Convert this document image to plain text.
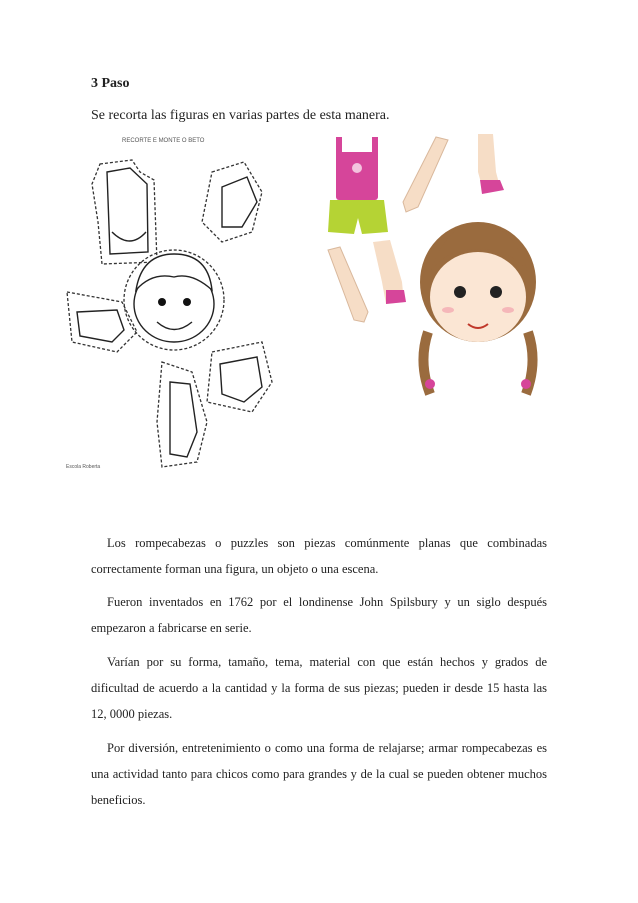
3 Paso
Se recorta las figuras en varias partes de esta manera.
RECORTE E MONTE O BETO
Escola Roberta

Los rompecabezas o puzzles son piezas comúnmente planas que combinadas correctamente forman una figura, un objeto o una escena.

Fueron inventados en 1762 por el londinense John Spilsbury y un siglo después empezaron a fabricarse en serie.

Varían por su forma, tamaño, tema, material con que están hechos y grados de dificultad de acuerdo a la cantidad y la forma de sus piezas; pueden ir desde 15 hasta las 12, 0000 piezas.

Por diversión, entretenimiento o como una forma de relajarse; armar rompecabezas es una actividad tanto para chicos como para grandes y de la cual se pueden obtener muchos beneficios.
